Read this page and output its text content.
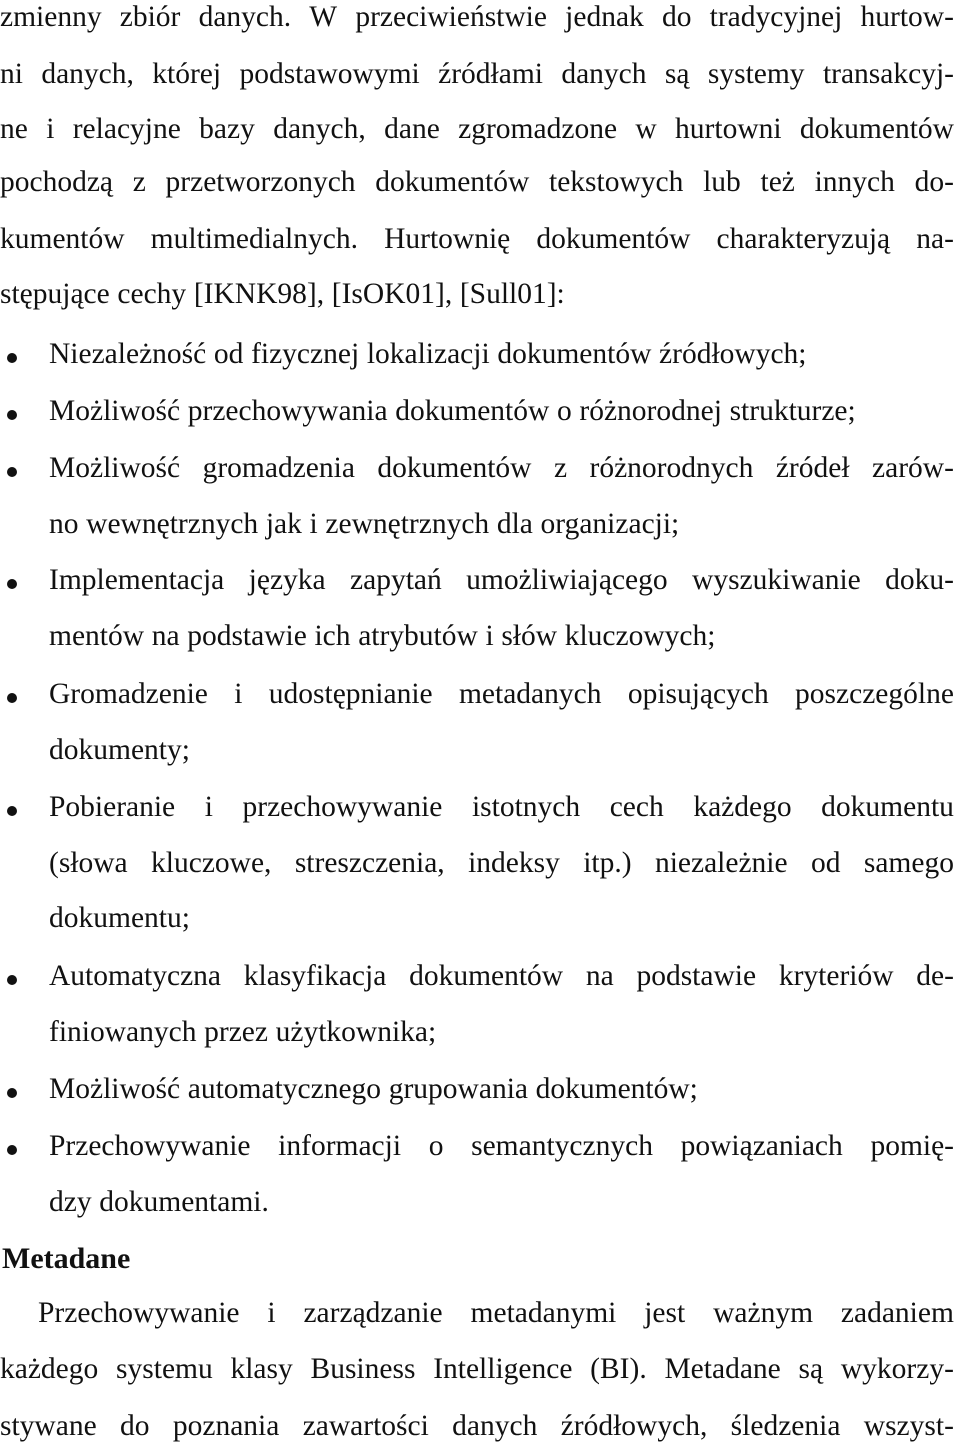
zmienny zbiór danych. W przeciwieństwie jednak do tradycyjnej hurtow-
ni danych, której podstawowymi źródłami danych są systemy transakcyj-
ne i relacyjne bazy danych, dane zgromadzone w hurtowni dokumentów
pochodzą z przetworzonych dokumentów tekstowych lub też innych do-
kumentów multimedialnych. Hurtownię dokumentów charakteryzują na-
stępujące cechy [IKNK98], [IsOK01], [Sull01]:
Niezależność od fizycznej lokalizacji dokumentów źródłowych;
Możliwość przechowywania dokumentów o różnorodnej strukturze;
Możliwość gromadzenia dokumentów z różnorodnych źródeł zarów-
no wewnętrznych jak i zewnętrznych dla organizacji;
Implementacja języka zapytań umożliwiającego wyszukiwanie doku-
mentów na podstawie ich atrybutów i słów kluczowych;
Gromadzenie i udostępnianie metadanych opisujących poszczególne
dokumenty;
Pobieranie i przechowywanie istotnych cech każdego dokumentu
(słowa kluczowe, streszczenia, indeksy itp.) niezależnie od samego
dokumentu;
Automatyczna klasyfikacja dokumentów na podstawie kryteriów de-
finiowanych przez użytkownika;
Możliwość automatycznego grupowania dokumentów;
Przechowywanie informacji o semantycznych powiązaniach pomię-
dzy dokumentami.
Metadane
Przechowywanie i zarządzanie metadanymi jest ważnym zadaniem
każdego systemu klasy Business Intelligence (BI). Metadane są wykorzy-
stywane do poznania zawartości danych źródłowych, śledzenia wszyst-
